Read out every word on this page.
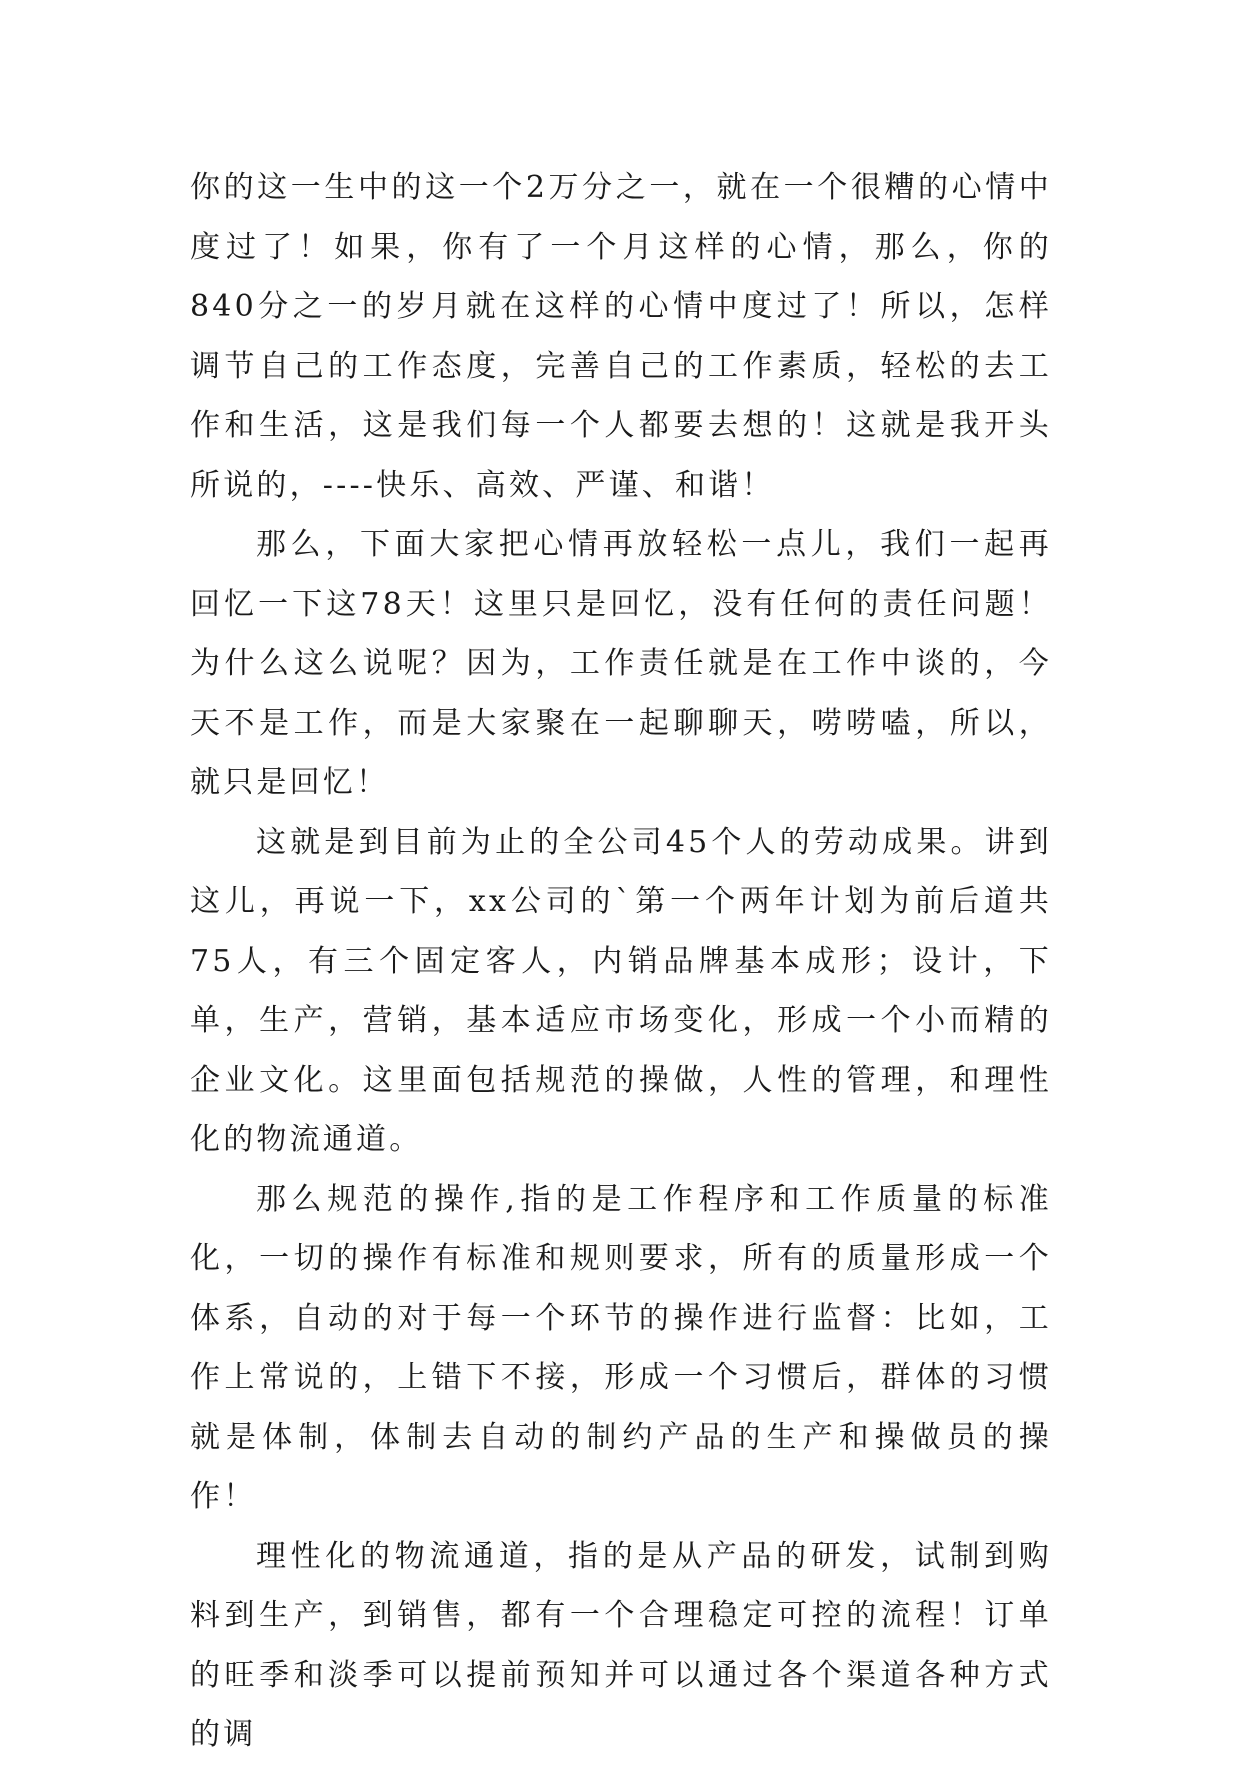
你的这一生中的这一个2万分之一，就在一个很糟的心情中度过了！如果，你有了一个月这样的心情，那么，你的840分之一的岁月就在这样的心情中度过了！所以，怎样调节自己的工作态度，完善自己的工作素质，轻松的去工作和生活，这是我们每一个人都要去想的！这就是我开头所说的，----快乐、高效、严谨、和谐！

那么，下面大家把心情再放轻松一点儿，我们一起再回忆一下这78天！这里只是回忆，没有任何的责任问题！为什么这么说呢？因为，工作责任就是在工作中谈的，今天不是工作，而是大家聚在一起聊聊天，唠唠嗑，所以，就只是回忆！

这就是到目前为止的全公司45个人的劳动成果。讲到这儿，再说一下，xx公司的`第一个两年计划为前后道共75人，有三个固定客人，内销品牌基本成形；设计，下单，生产，营销，基本适应市场变化，形成一个小而精的企业文化。这里面包括规范的操做，人性的管理，和理性化的物流通道。

那么规范的操作,指的是工作程序和工作质量的标准化，一切的操作有标准和规则要求，所有的质量形成一个体系，自动的对于每一个环节的操作进行监督：比如，工作上常说的，上错下不接，形成一个习惯后，群体的习惯就是体制，体制去自动的制约产品的生产和操做员的操作！

理性化的物流通道，指的是从产品的研发，试制到购料到生产，到销售，都有一个合理稳定可控的流程！订单的旺季和淡季可以提前预知并可以通过各个渠道各种方式的调
